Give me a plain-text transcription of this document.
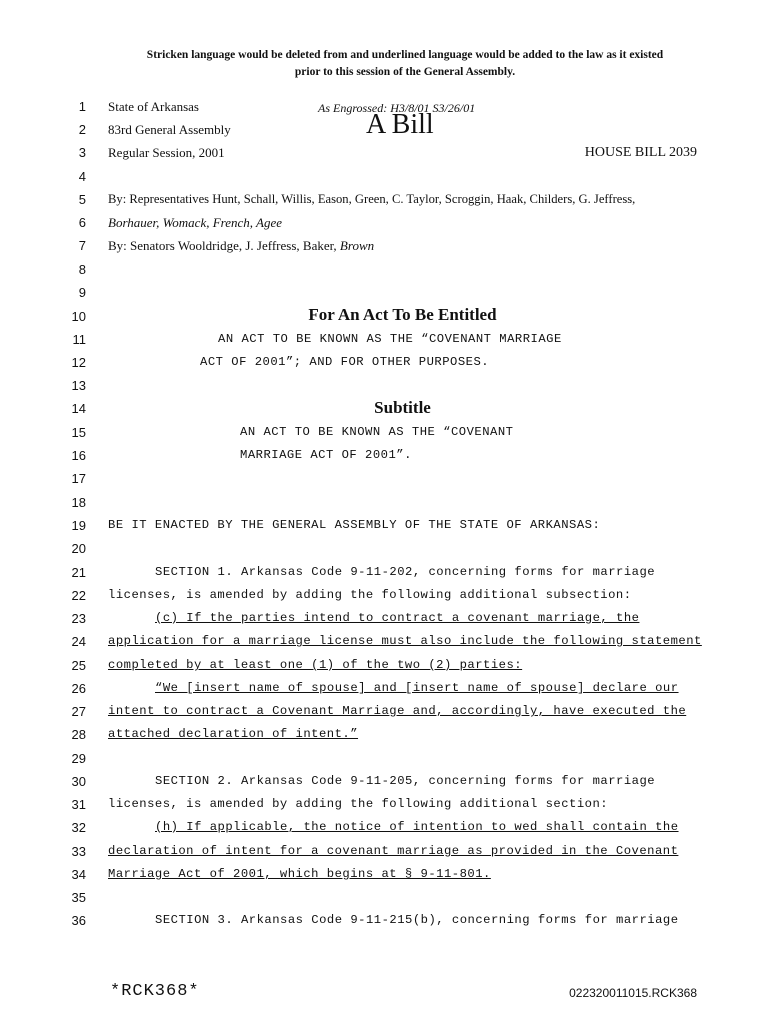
Stricken language would be deleted from and underlined language would be added to the law as it existed
prior to this session of the General Assembly.
1
2
3
4
5
6
7
8
9
10
11
12
13
14
15
16
17
18
19
20
21
22
23
24
25
26
27
28
29
30
31
32
33
34
35
36
State of Arkansas	As Engrossed: H3/8/01 S3/26/01
83rd General Assembly	A Bill
Regular Session, 2001	HOUSE BILL 2039
By: Representatives Hunt, Schall, Willis, Eason, Green, C. Taylor, Scroggin, Haak, Childers, G. Jeffress,
Borhauer, Womack, French, Agee
By: Senators Wooldridge, J. Jeffress, Baker, Brown
For An Act To Be Entitled
AN ACT TO BE KNOWN AS THE “COVENANT MARRIAGE
ACT OF 2001”; AND FOR OTHER PURPOSES.
Subtitle
AN ACT TO BE KNOWN AS THE “COVENANT
MARRIAGE ACT OF 2001”.
BE IT ENACTED BY THE GENERAL ASSEMBLY OF THE STATE OF ARKANSAS:
SECTION 1. Arkansas Code 9-11-202, concerning forms for marriage
licenses, is amended by adding the following additional subsection:
(c) If the parties intend to contract a covenant marriage, the
application for a marriage license must also include the following statement
completed by at least one (1) of the two (2) parties:
“We [insert name of spouse] and [insert name of spouse] declare our
intent to contract a Covenant Marriage and, accordingly, have executed the
attached declaration of intent.”
SECTION 2. Arkansas Code 9-11-205, concerning forms for marriage
licenses, is amended by adding the following additional section:
(h) If applicable, the notice of intention to wed shall contain the
declaration of intent for a covenant marriage as provided in the Covenant
Marriage Act of 2001, which begins at § 9-11-801.
SECTION 3. Arkansas Code 9-11-215(b), concerning forms for marriage
*RCK368*	022320011015.RCK368
